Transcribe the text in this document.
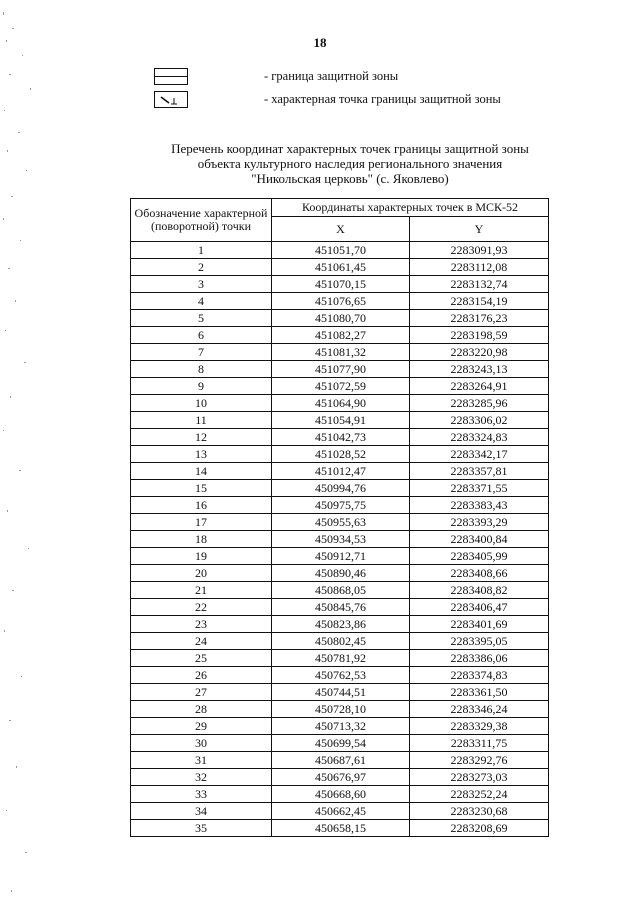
18
- граница защитной зоны
- характерная точка границы защитной зоны
Перечень координат характерных точек границы защитной зоны
объекта культурного наследия регионального значения
"Никольская церковь" (с. Яковлево)
Обозначение характерной (поворотной) точки	Координаты характерных точек в МСК-52	
	X	Y
1	451051,70	2283091,93
2	451061,45	2283112,08
3	451070,15	2283132,74
4	451076,65	2283154,19
5	451080,70	2283176,23
6	451082,27	2283198,59
7	451081,32	2283220,98
8	451077,90	2283243,13
9	451072,59	2283264,91
10	451064,90	2283285,96
11	451054,91	2283306,02
12	451042,73	2283324,83
13	451028,52	2283342,17
14	451012,47	2283357,81
15	450994,76	2283371,55
16	450975,75	2283383,43
17	450955,63	2283393,29
18	450934,53	2283400,84
19	450912,71	2283405,99
20	450890,46	2283408,66
21	450868,05	2283408,82
22	450845,76	2283406,47
23	450823,86	2283401,69
24	450802,45	2283395,05
25	450781,92	2283386,06
26	450762,53	2283374,83
27	450744,51	2283361,50
28	450728,10	2283346,24
29	450713,32	2283329,38
30	450699,54	2283311,75
31	450687,61	2283292,76
32	450676,97	2283273,03
33	450668,60	2283252,24
34	450662,45	2283230,68
35	450658,15	2283208,69
